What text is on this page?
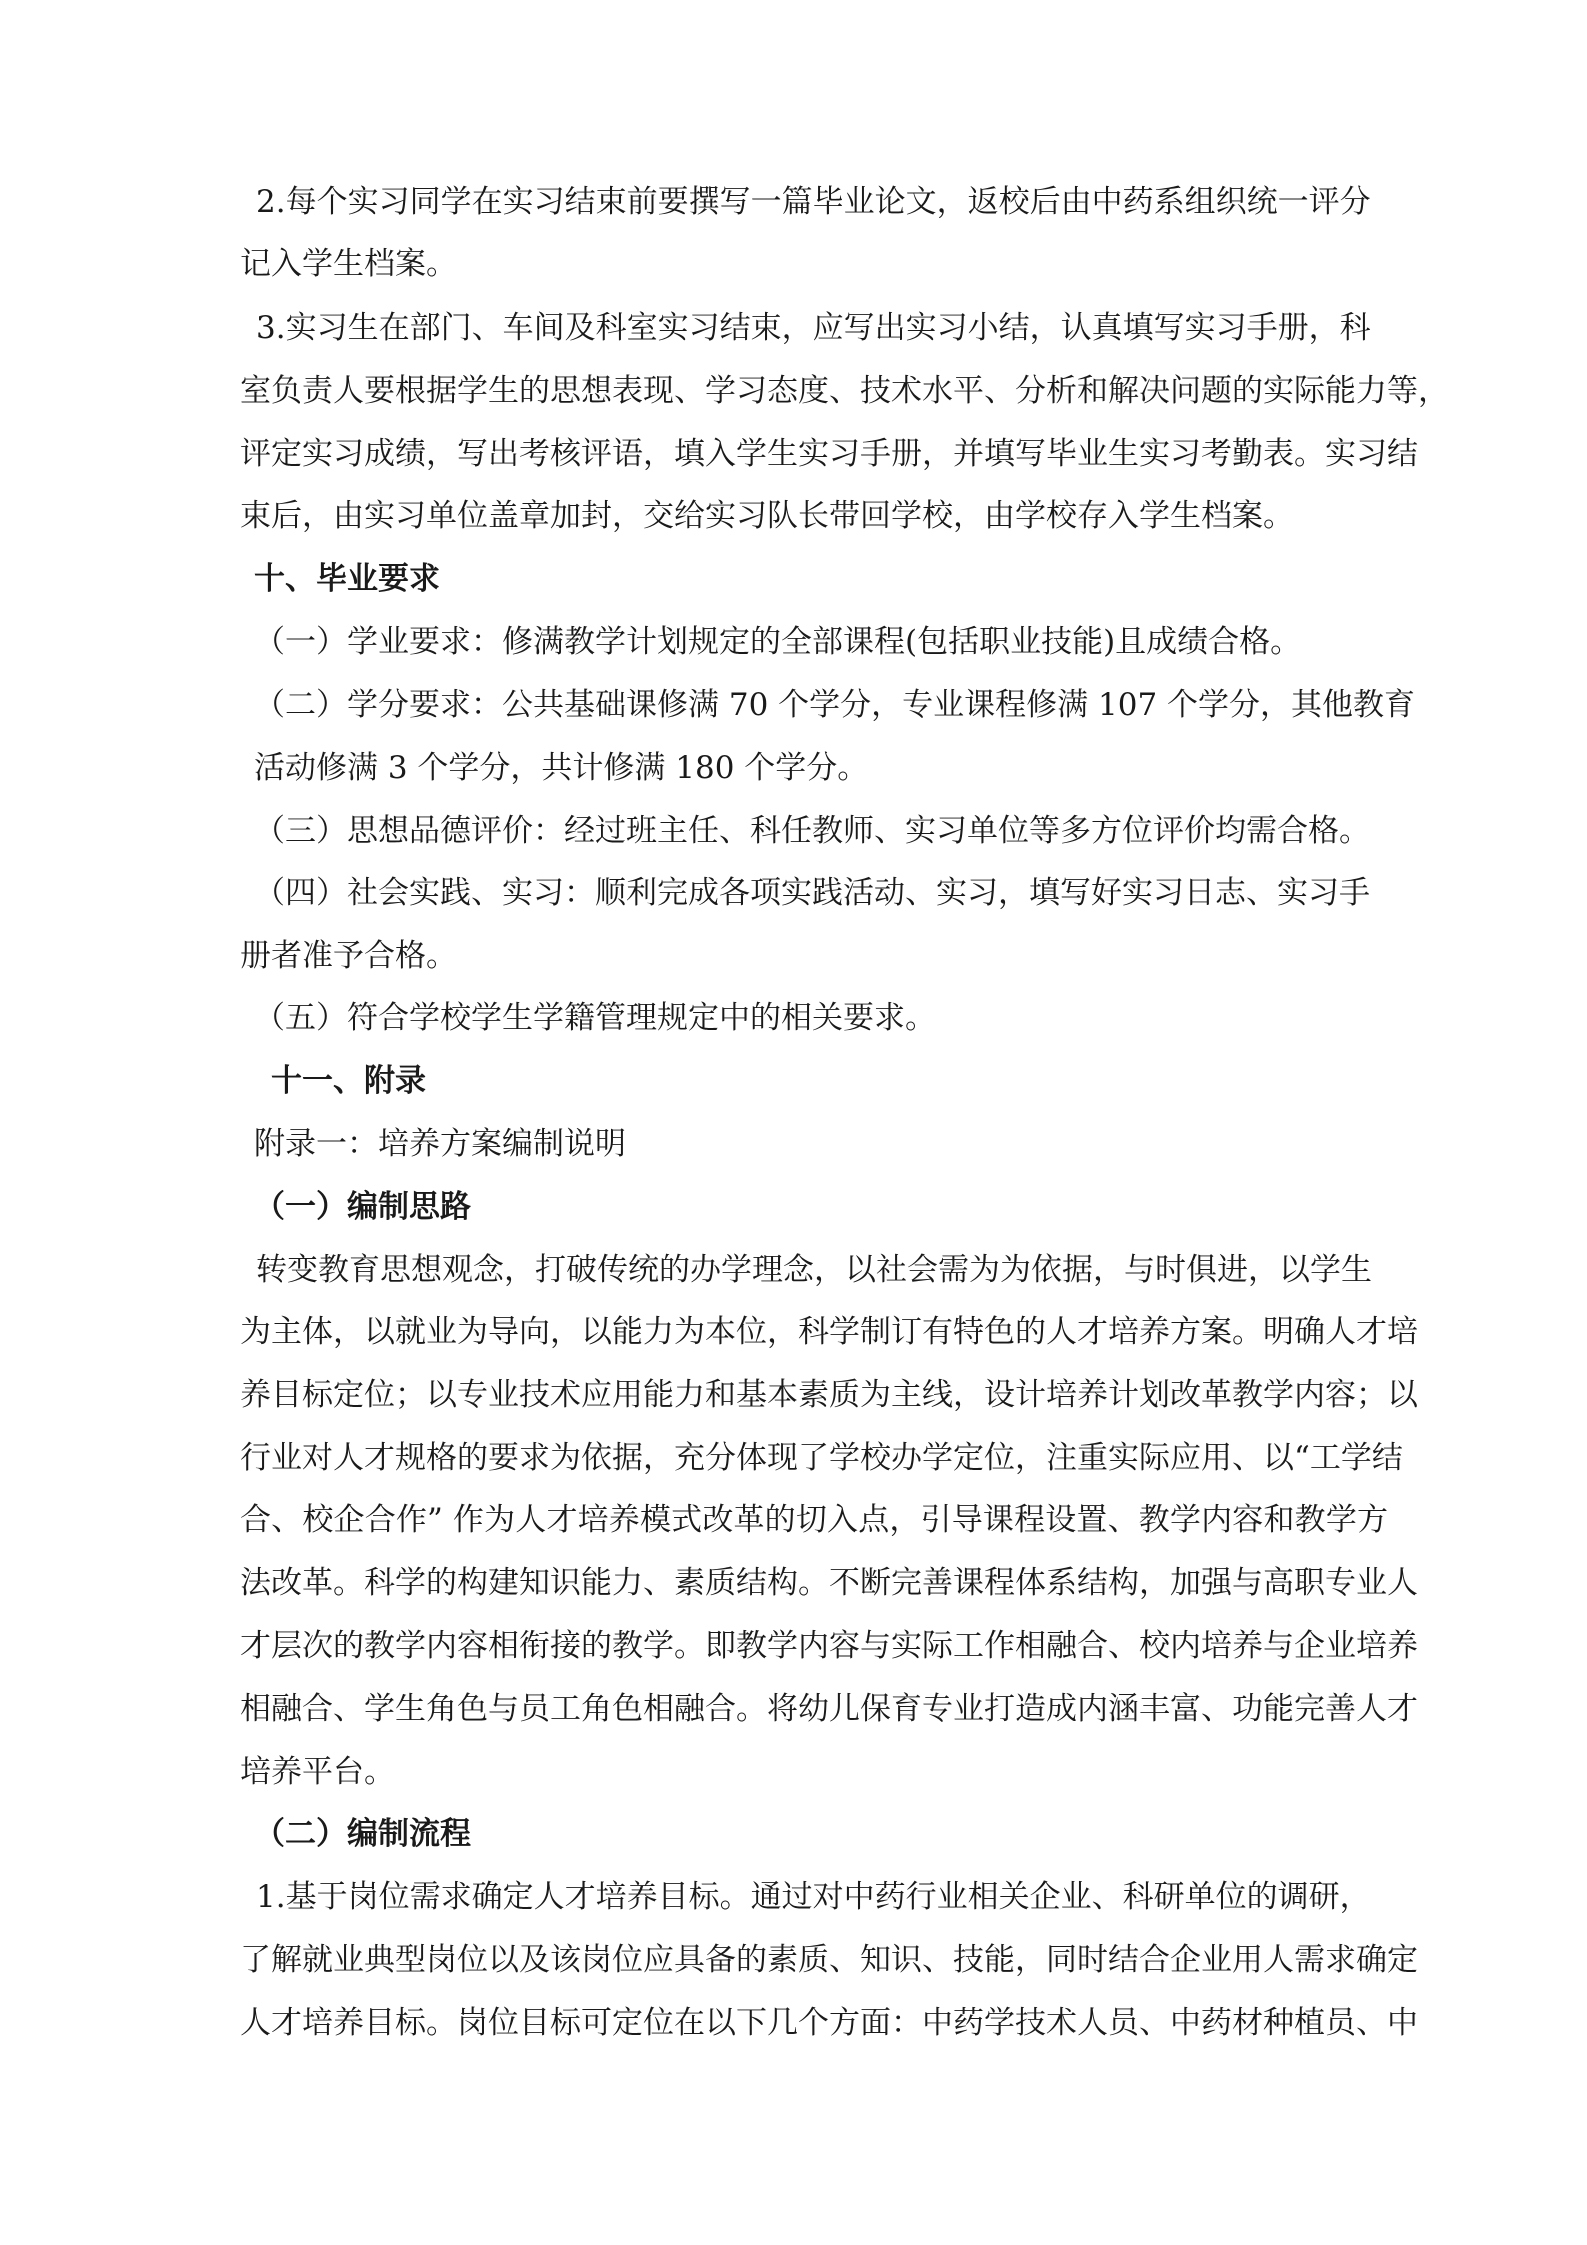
2.每个实习同学在实习结束前要撰写一篇毕业论文，返校后由中药系组织统一评分
记入学生档案。
3.实习生在部门、车间及科室实习结束，应写出实习小结，认真填写实习手册，科
室负责人要根据学生的思想表现、学习态度、技术水平、分析和解决问题的实际能力等，
评定实习成绩，写出考核评语，填入学生实习手册，并填写毕业生实习考勤表。实习结
束后，由实习单位盖章加封，交给实习队长带回学校，由学校存入学生档案。
十、毕业要求
（一）学业要求：修满教学计划规定的全部课程(包括职业技能)且成绩合格。
（二）学分要求：公共基础课修满 70 个学分，专业课程修满 107 个学分，其他教育
活动修满 3 个学分，共计修满 180 个学分。
（三）思想品德评价：经过班主任、科任教师、实习单位等多方位评价均需合格。
（四）社会实践、实习：顺利完成各项实践活动、实习，填写好实习日志、实习手
册者准予合格。
（五）符合学校学生学籍管理规定中的相关要求。
十一、附录
附录一：培养方案编制说明
（一）编制思路
转变教育思想观念，打破传统的办学理念，以社会需为为依据，与时俱进，以学生
为主体，以就业为导向，以能力为本位，科学制订有特色的人才培养方案。明确人才培
养目标定位；以专业技术应用能力和基本素质为主线，设计培养计划改革教学内容；以
行业对人才规格的要求为依据，充分体现了学校办学定位，注重实际应用、以“工学结
合、校企合作” 作为人才培养模式改革的切入点，引导课程设置、教学内容和教学方
法改革。科学的构建知识能力、素质结构。不断完善课程体系结构，加强与高职专业人
才层次的教学内容相衔接的教学。即教学内容与实际工作相融合、校内培养与企业培养
相融合、学生角色与员工角色相融合。将幼儿保育专业打造成内涵丰富、功能完善人才
培养平台。
（二）编制流程
1.基于岗位需求确定人才培养目标。通过对中药行业相关企业、科研单位的调研，
了解就业典型岗位以及该岗位应具备的素质、知识、技能，同时结合企业用人需求确定
人才培养目标。岗位目标可定位在以下几个方面：中药学技术人员、中药材种植员、中
